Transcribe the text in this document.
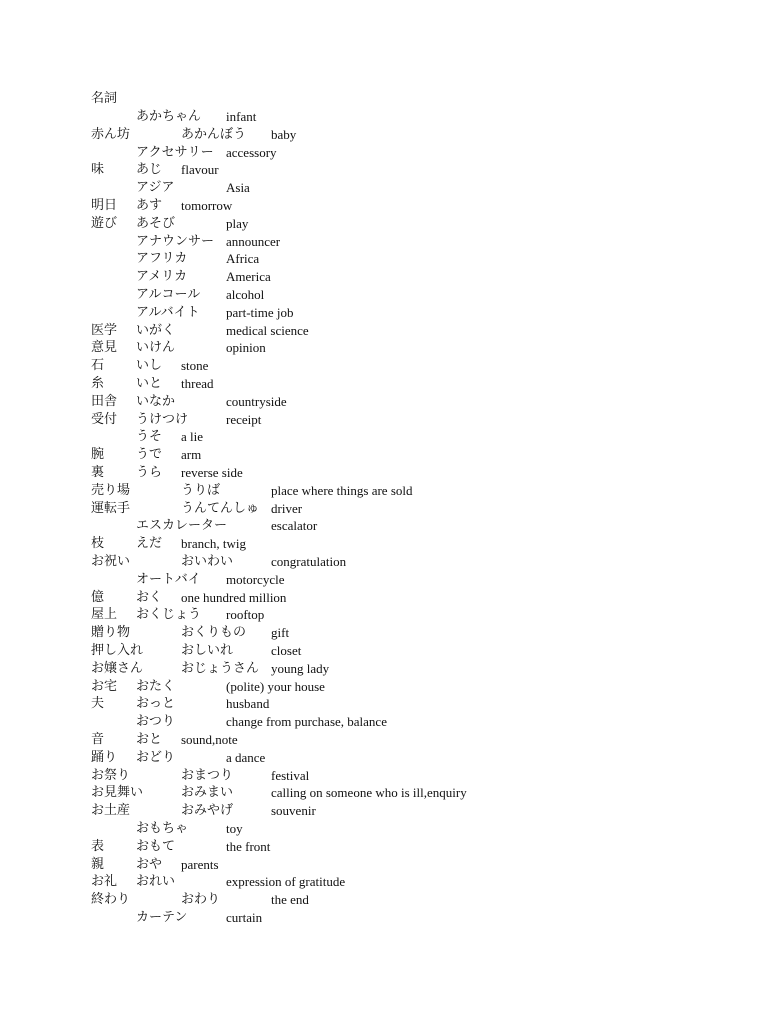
名詞
あかちゃん infant
赤ん坊	あかんぼう baby
アクセサリー accessory
味 あじ flavour
アジア	Asia
明日 あす tomorrow
遊び あそび	play
アナウンサー announcer
アフリカ	Africa
アメリカ	America
アルコール alcohol
アルバイト part-time job
医学 いがく	medical science
意見 いけん	opinion
石 いし stone
糸 いと thread
田舎 いなか	countryside
受付 うけつけ	receipt
うそ a lie
腕 うで arm
裏 うら reverse side
売り場	うりば	place where things are sold
運転手	うんてんしゅ driver
エスカレーター	escalator
枝 えだ branch, twig
お祝い	おいわい	congratulation
オートバイ motorcycle
億 おく one hundred million
屋上 おくじょう rooftop
贈り物	おくりもの gift
押し入れ	おしいれ	closet
お嬢さん	おじょうさん young lady
お宅 おたく	(polite) your house
夫 おっと	husband
おつり	change from purchase, balance
音 おと sound,note
踊り おどり	a dance
お祭り	おまつり	festival
お見舞い	おみまい	calling on someone who is ill,enquiry
お土産	おみやげ	souvenir
おもちゃ	toy
表 おもて	the front
親 おや parents
お礼 おれい	expression of gratitude
終わり	おわり	the end
カーテン	curtain
